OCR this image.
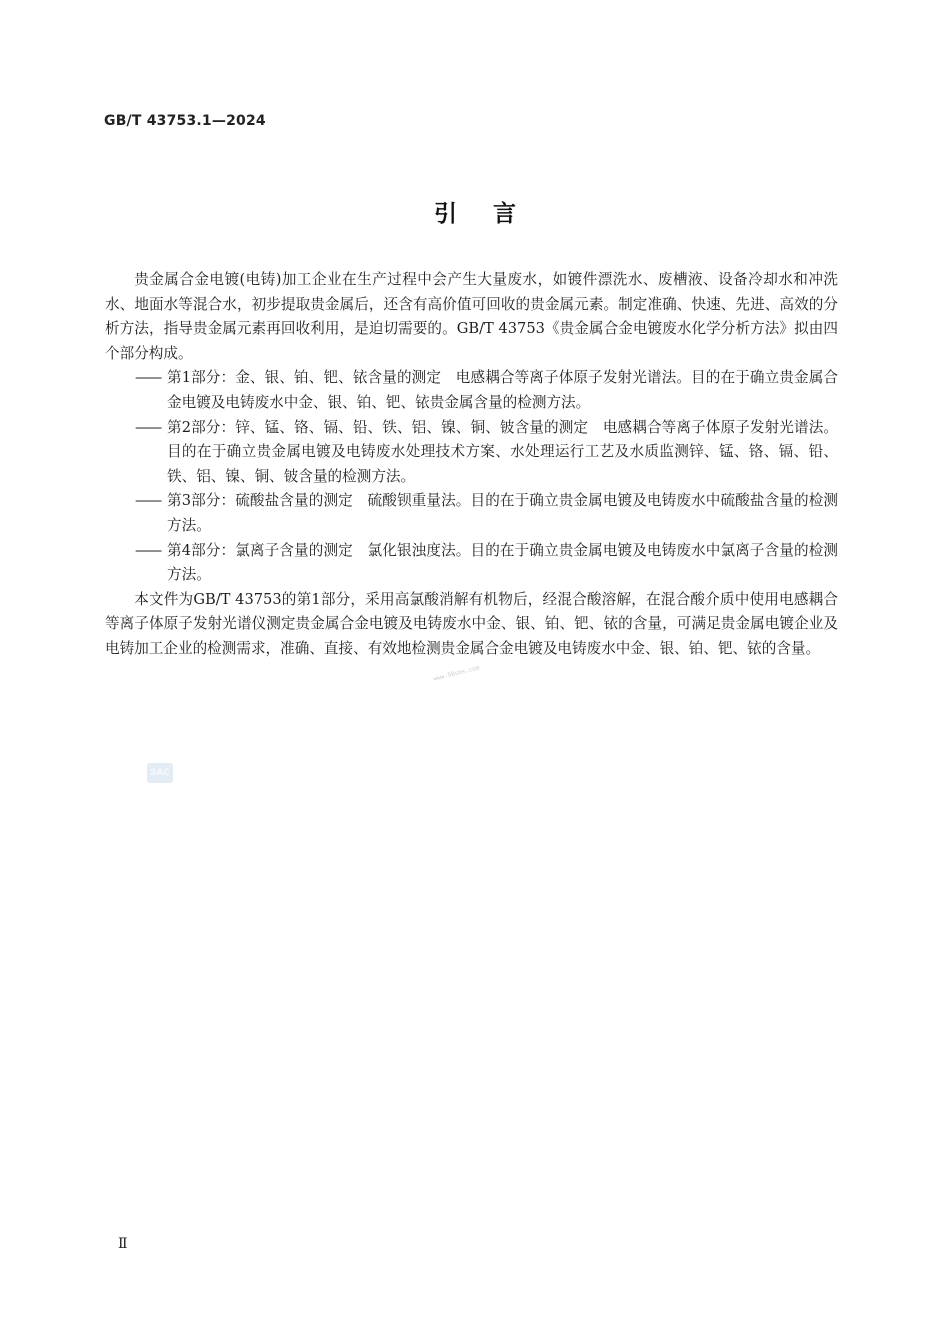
GB/T 43753.1—2024
引言

贵金属合金电镀(电铸)加工企业在生产过程中会产生大量废水，如镀件漂洗水、废槽液、设备冷却水和冲洗水、地面水等混合水，初步提取贵金属后，还含有高价值可回收的贵金属元素。制定准确、快速、先进、高效的分析方法，指导贵金属元素再回收利用，是迫切需要的。GB/T 43753《贵金属合金电镀废水化学分析方法》拟由四个部分构成。

—— 第1部分：金、银、铂、钯、铱含量的测定　电感耦合等离子体原子发射光谱法。目的在于确立贵金属合金电镀及电铸废水中金、银、铂、钯、铱贵金属含量的检测方法。

—— 第2部分：锌、锰、铬、镉、铅、铁、铝、镍、铜、铍含量的测定　电感耦合等离子体原子发射光谱法。目的在于确立贵金属电镀及电铸废水处理技术方案、水处理运行工艺及水质监测锌、锰、铬、镉、铅、铁、铝、镍、铜、铍含量的检测方法。

—— 第3部分：硫酸盐含量的测定　硫酸钡重量法。目的在于确立贵金属电镀及电铸废水中硫酸盐含量的检测方法。

—— 第4部分：氯离子含量的测定　氯化银浊度法。目的在于确立贵金属电镀及电铸废水中氯离子含量的检测方法。

本文件为GB/T 43753的第1部分，采用高氯酸消解有机物后，经混合酸溶解，在混合酸介质中使用电感耦合等离子体原子发射光谱仪测定贵金属合金电镀及电铸废水中金、银、铂、钯、铱的含量，可满足贵金属电镀企业及电铸加工企业的检测需求，准确、直接、有效地检测贵金属合金电镀及电铸废水中金、银、铂、钯、铱的含量。

www.58sms.com
SAC
Ⅱ
